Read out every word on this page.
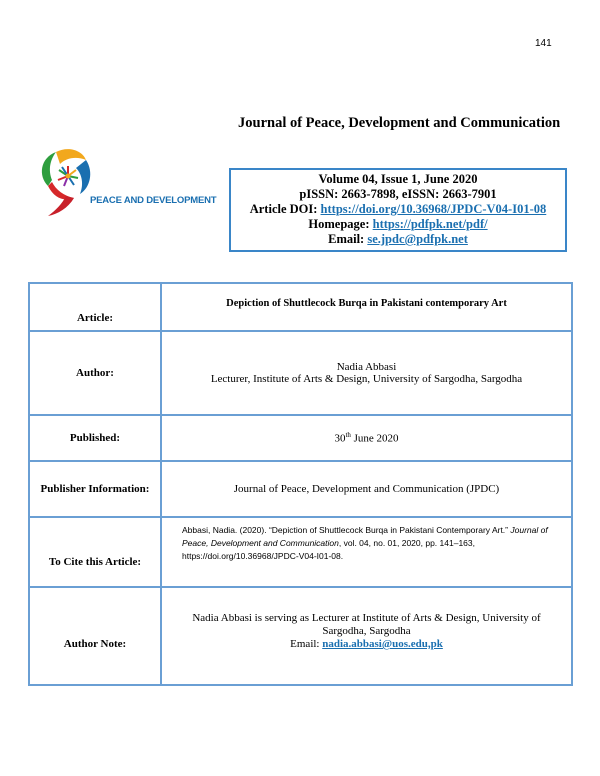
141
Journal of Peace, Development and Communication
PEACE AND DEVELOPMENT
Volume 04, Issue 1, June 2020
pISSN: 2663-7898, eISSN: 2663-7901
Article DOI: https://doi.org/10.36968/JPDC-V04-I01-08
Homepage: https://pdfpk.net/pdf/
Email: se.jpdc@pdfpk.net
Article:	Depiction of Shuttlecock Burqa in Pakistani contemporary Art
Author:	Nadia Abbasi
Lecturer, Institute of Arts & Design, University of Sargodha, Sargodha

Published:	30th June 2020
Publisher Information:	Journal of Peace, Development and Communication (JPDC)
To Cite this Article:	Abbasi, Nadia. (2020). “Depiction of Shuttlecock Burqa in Pakistani Contemporary Art.” Journal of Peace, Development and Communication, vol. 04, no. 01, 2020, pp. 141–163, https://doi.org/10.36968/JPDC-V04-I01-08.
Author Note:	Nadia Abbasi is serving as Lecturer at Institute of Arts & Design, University of
Sargodha, Sargodha
Email: nadia.abbasi@uos.edu,pk
